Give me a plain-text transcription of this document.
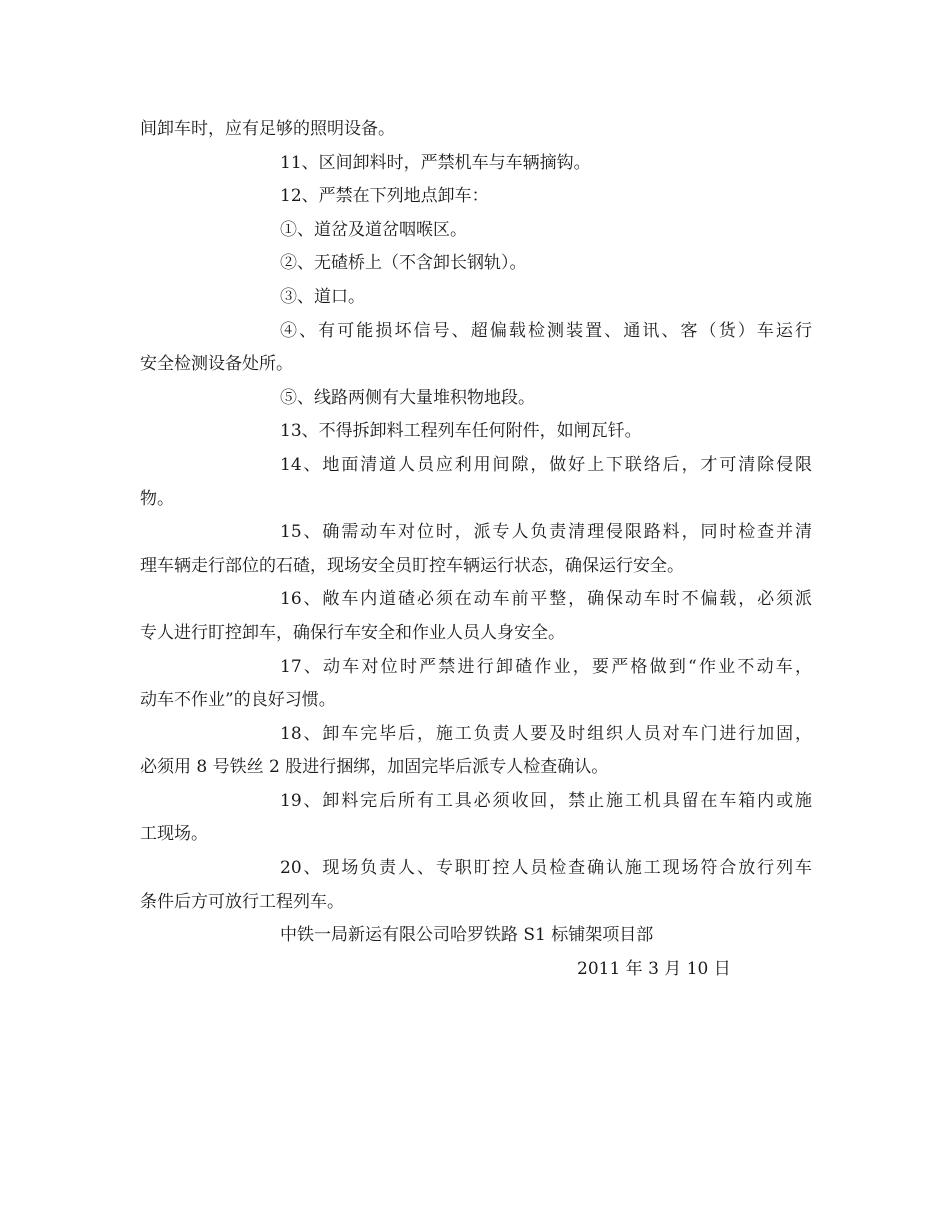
间卸车时，应有足够的照明设备。
11、区间卸料时，严禁机车与车辆摘钩。
12、严禁在下列地点卸车：
①、道岔及道岔咽喉区。
②、无碴桥上（不含卸长钢轨）。
③、道口。
④、有可能损坏信号、超偏载检测装置、通讯、客（货）车运行
安全检测设备处所。
⑤、线路两侧有大量堆积物地段。
13、不得拆卸料工程列车任何附件，如闸瓦钎。
14、地面清道人员应利用间隙，做好上下联络后，才可清除侵限
物。
15、确需动车对位时，派专人负责清理侵限路料，同时检查并清
理车辆走行部位的石碴，现场安全员盯控车辆运行状态，确保运行安全。
16、敞车内道碴必须在动车前平整，确保动车时不偏载，必须派
专人进行盯控卸车，确保行车安全和作业人员人身安全。
17、动车对位时严禁进行卸碴作业，要严格做到“作业不动车，
动车不作业”的良好习惯。
18、卸车完毕后，施工负责人要及时组织人员对车门进行加固，
必须用 8 号铁丝 2 股进行捆绑，加固完毕后派专人检查确认。
19、卸料完后所有工具必须收回，禁止施工机具留在车箱内或施
工现场。
20、现场负责人、专职盯控人员检查确认施工现场符合放行列车
条件后方可放行工程列车。
中铁一局新运有限公司哈罗铁路 S1 标铺架项目部
2011 年 3 月 10 日
